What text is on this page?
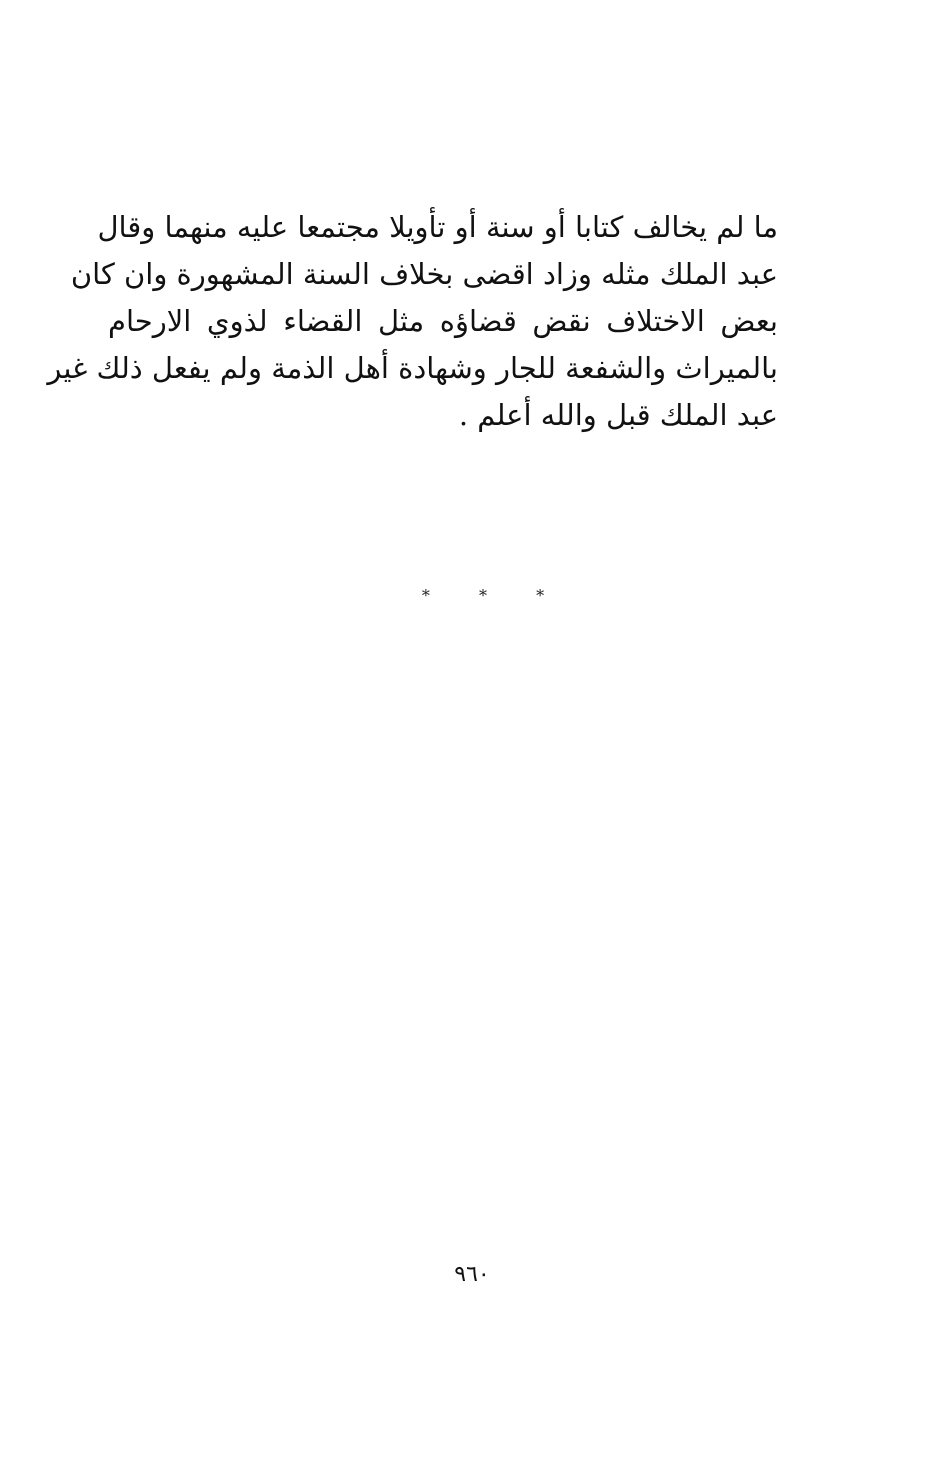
ما لم يخالف كتابا أو سنة أو تأويلا مجتمعا عليه منهما وقال
عبد الملك مثله وزاد اقضى بخلاف السنة المشهورة وان كان
بعض الاختلاف نقض قضاؤه مثل القضاء لذوي الارحام
بالميراث والشفعة للجار وشهادة أهل الذمة ولم يفعل ذلك غير
عبد الملك قبل والله أعلم .
* * *
٩٦٠
